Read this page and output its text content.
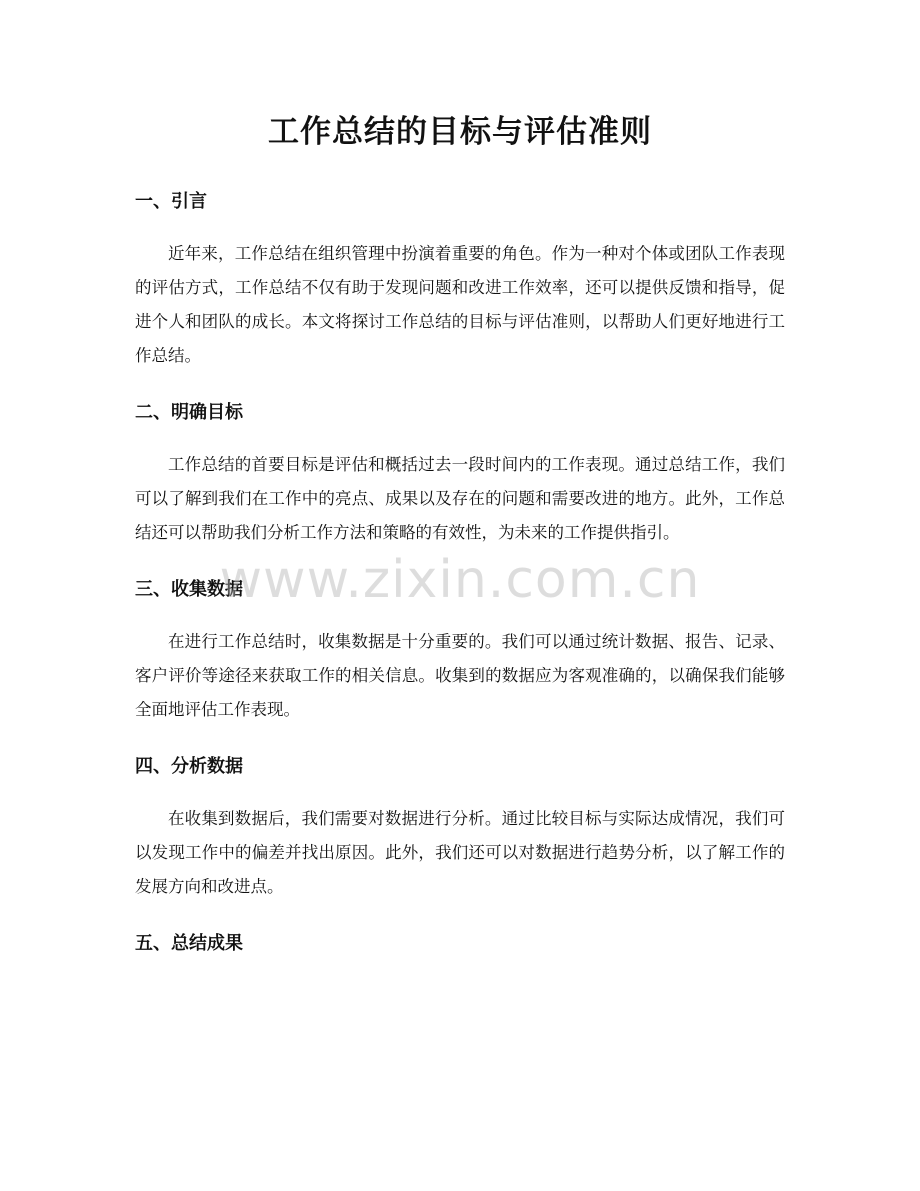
工作总结的目标与评估准则
一、引言

近年来，工作总结在组织管理中扮演着重要的角色。作为一种对个体或团队工作表现的评估方式，工作总结不仅有助于发现问题和改进工作效率，还可以提供反馈和指导，促进个人和团队的成长。本文将探讨工作总结的目标与评估准则，以帮助人们更好地进行工作总结。

二、明确目标

工作总结的首要目标是评估和概括过去一段时间内的工作表现。通过总结工作，我们可以了解到我们在工作中的亮点、成果以及存在的问题和需要改进的地方。此外，工作总结还可以帮助我们分析工作方法和策略的有效性，为未来的工作提供指引。

三、收集数据

在进行工作总结时，收集数据是十分重要的。我们可以通过统计数据、报告、记录、客户评价等途径来获取工作的相关信息。收集到的数据应为客观准确的，以确保我们能够全面地评估工作表现。

四、分析数据

在收集到数据后，我们需要对数据进行分析。通过比较目标与实际达成情况，我们可以发现工作中的偏差并找出原因。此外，我们还可以对数据进行趋势分析，以了解工作的发展方向和改进点。

五、总结成果
www.zixin.com.cn
